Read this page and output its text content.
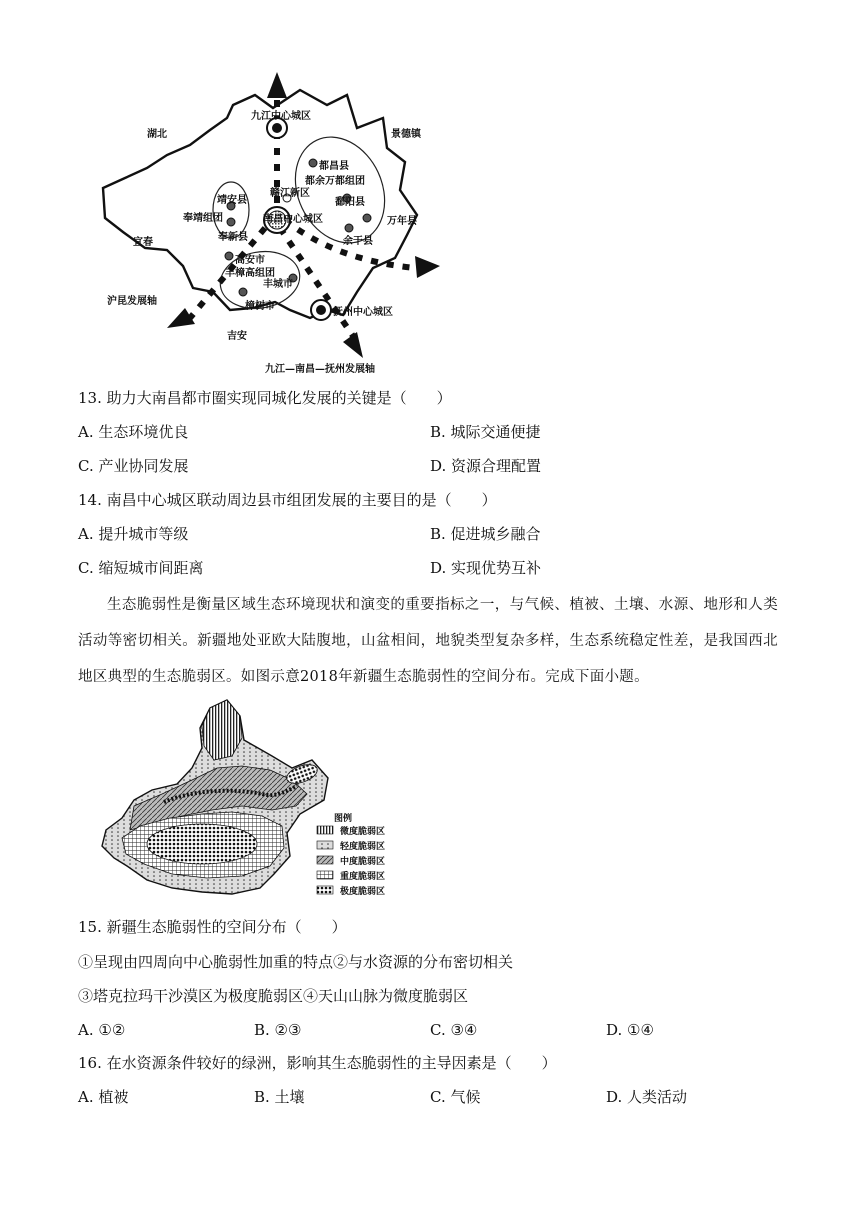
九江中心城区
湖北	景德镇
都昌县
都余万都组团
赣江新区
靖安县
奉靖组团	南昌中心城区
鄱阳县
万年县
奉新县	余干县
宜春
高安市
丰樟高组团
丰城市
樟树市
沪昆发展轴
抚州中心城区
吉安
九江—南昌—抚州发展轴
13. 助力大南昌都市圈实现同城化发展的关键是（　　）
A. 生态环境优良	B. 城际交通便捷
C. 产业协同发展	D. 资源合理配置
14. 南昌中心城区联动周边县市组团发展的主要目的是（　　）
A. 提升城市等级	B. 促进城乡融合
C. 缩短城市间距离	D. 实现优势互补
生态脆弱性是衡量区域生态环境现状和演变的重要指标之一，与气候、植被、土壤、水源、地形和人类活动等密切相关。新疆地处亚欧大陆腹地，山盆相间，地貌类型复杂多样，生态系统稳定性差，是我国西北地区典型的生态脆弱区。如图示意2018年新疆生态脆弱性的空间分布。完成下面小题。
图例
微度脆弱区
轻度脆弱区
中度脆弱区
重度脆弱区
极度脆弱区
15. 新疆生态脆弱性的空间分布（　　）
①呈现由四周向中心脆弱性加重的特点②与水资源的分布密切相关
③塔克拉玛干沙漠区为极度脆弱区④天山山脉为微度脆弱区
A. ①②	B. ②③	C. ③④	D. ①④
16. 在水资源条件较好的绿洲，影响其生态脆弱性的主导因素是（　　）
A. 植被	B. 土壤	C. 气候	D. 人类活动
